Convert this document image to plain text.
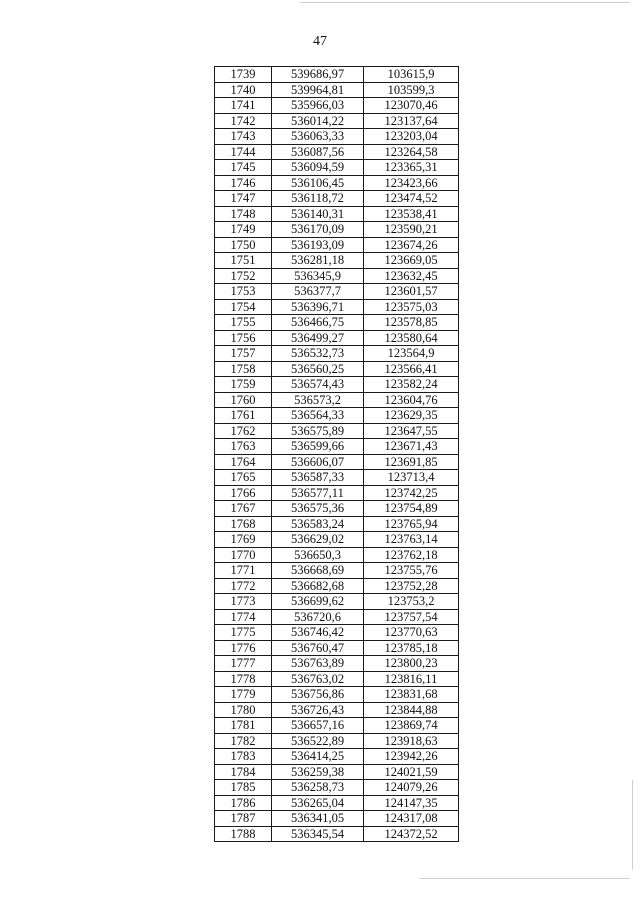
47
1739	539686,97	103615,9
1740	539964,81	103599,3
1741	535966,03	123070,46
1742	536014,22	123137,64
1743	536063,33	123203,04
1744	536087,56	123264,58
1745	536094,59	123365,31
1746	536106,45	123423,66
1747	536118,72	123474,52
1748	536140,31	123538,41
1749	536170,09	123590,21
1750	536193,09	123674,26
1751	536281,18	123669,05
1752	536345,9	123632,45
1753	536377,7	123601,57
1754	536396,71	123575,03
1755	536466,75	123578,85
1756	536499,27	123580,64
1757	536532,73	123564,9
1758	536560,25	123566,41
1759	536574,43	123582,24
1760	536573,2	123604,76
1761	536564,33	123629,35
1762	536575,89	123647,55
1763	536599,66	123671,43
1764	536606,07	123691,85
1765	536587,33	123713,4
1766	536577,11	123742,25
1767	536575,36	123754,89
1768	536583,24	123765,94
1769	536629,02	123763,14
1770	536650,3	123762,18
1771	536668,69	123755,76
1772	536682,68	123752,28
1773	536699,62	123753,2
1774	536720,6	123757,54
1775	536746,42	123770,63
1776	536760,47	123785,18
1777	536763,89	123800,23
1778	536763,02	123816,11
1779	536756,86	123831,68
1780	536726,43	123844,88
1781	536657,16	123869,74
1782	536522,89	123918,63
1783	536414,25	123942,26
1784	536259,38	124021,59
1785	536258,73	124079,26
1786	536265,04	124147,35
1787	536341,05	124317,08
1788	536345,54	124372,52
